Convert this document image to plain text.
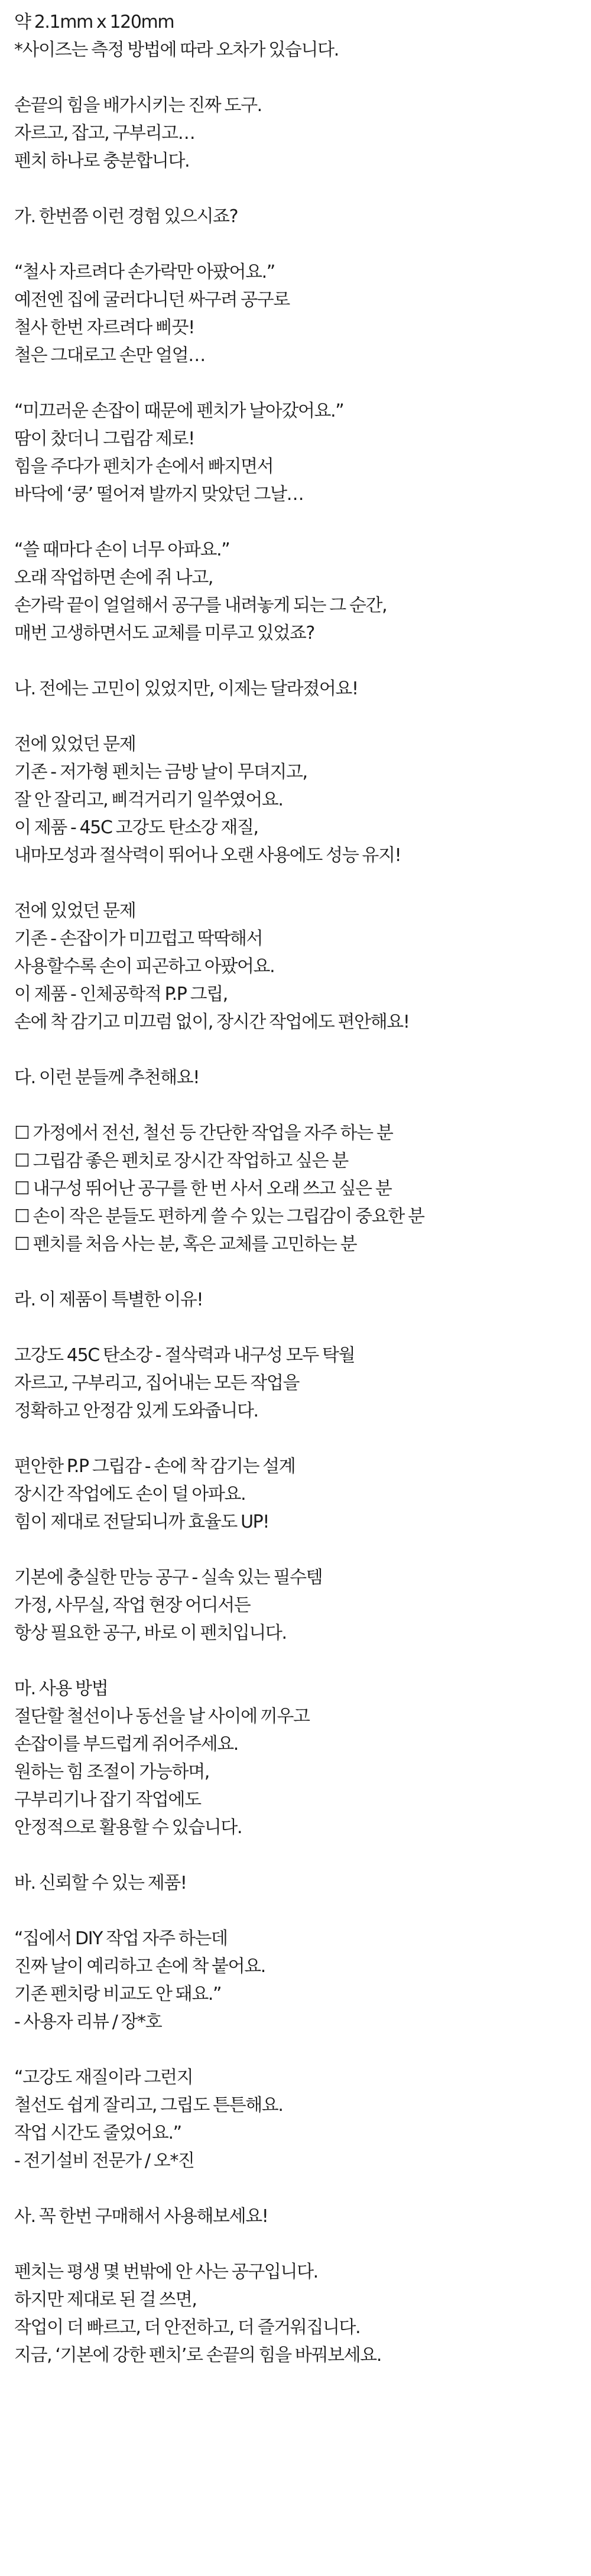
약 2.1mm x 120mm
*사이즈는 측정 방법에 따라 오차가 있습니다.
손끝의 힘을 배가시키는 진짜 도구.
자르고, 잡고, 구부리고…
펜치 하나로 충분합니다.
가. 한번쯤 이런 경험 있으시죠?
“철사 자르려다 손가락만 아팠어요.”
예전엔 집에 굴러다니던 싸구려 공구로
철사 한번 자르려다 삐끗!
철은 그대로고 손만 얼얼…
“미끄러운 손잡이 때문에 펜치가 날아갔어요.”
땀이 찼더니 그립감 제로!
힘을 주다가 펜치가 손에서 빠지면서
바닥에 ‘쿵’ 떨어져 발까지 맞았던 그날…
“쓸 때마다 손이 너무 아파요.”
오래 작업하면 손에 쥐 나고,
손가락 끝이 얼얼해서 공구를 내려놓게 되는 그 순간,
매번 고생하면서도 교체를 미루고 있었죠?
나. 전에는 고민이 있었지만, 이제는 달라졌어요!
전에 있었던 문제
기존 - 저가형 펜치는 금방 날이 무뎌지고,
잘 안 잘리고, 삐걱거리기 일쑤였어요.
이 제품 - 45C 고강도 탄소강 재질,
내마모성과 절삭력이 뛰어나 오랜 사용에도 성능 유지!
전에 있었던 문제
기존 - 손잡이가 미끄럽고 딱딱해서
사용할수록 손이 피곤하고 아팠어요.
이 제품 - 인체공학적 P.P 그립,
손에 착 감기고 미끄럼 없이, 장시간 작업에도 편안해요!
다. 이런 분들께 추천해요!
☐ 가정에서 전선, 철선 등 간단한 작업을 자주 하는 분
☐ 그립감 좋은 펜치로 장시간 작업하고 싶은 분
☐ 내구성 뛰어난 공구를 한 번 사서 오래 쓰고 싶은 분
☐ 손이 작은 분들도 편하게 쓸 수 있는 그립감이 중요한 분
☐ 펜치를 처음 사는 분, 혹은 교체를 고민하는 분
라. 이 제품이 특별한 이유!
고강도 45C 탄소강 - 절삭력과 내구성 모두 탁월
자르고, 구부리고, 집어내는 모든 작업을
정확하고 안정감 있게 도와줍니다.
편안한 P.P 그립감 - 손에 착 감기는 설계
장시간 작업에도 손이 덜 아파요.
힘이 제대로 전달되니까 효율도 UP!
기본에 충실한 만능 공구 - 실속 있는 필수템
가정, 사무실, 작업 현장 어디서든
항상 필요한 공구, 바로 이 펜치입니다.
마. 사용 방법
절단할 철선이나 동선을 날 사이에 끼우고
손잡이를 부드럽게 쥐어주세요.
원하는 힘 조절이 가능하며,
구부리기나 잡기 작업에도
안정적으로 활용할 수 있습니다.
바. 신뢰할 수 있는 제품!
“집에서 DIY 작업 자주 하는데
진짜 날이 예리하고 손에 착 붙어요.
기존 펜치랑 비교도 안 돼요.”
- 사용자 리뷰 / 장*호
“고강도 재질이라 그런지
철선도 쉽게 잘리고, 그립도 튼튼해요.
작업 시간도 줄었어요.”
- 전기설비 전문가 / 오*진
사. 꼭 한번 구매해서 사용해보세요!
펜치는 평생 몇 번밖에 안 사는 공구입니다.
하지만 제대로 된 걸 쓰면,
작업이 더 빠르고, 더 안전하고, 더 즐거워집니다.
지금, ‘기본에 강한 펜치’로 손끝의 힘을 바꿔보세요.
